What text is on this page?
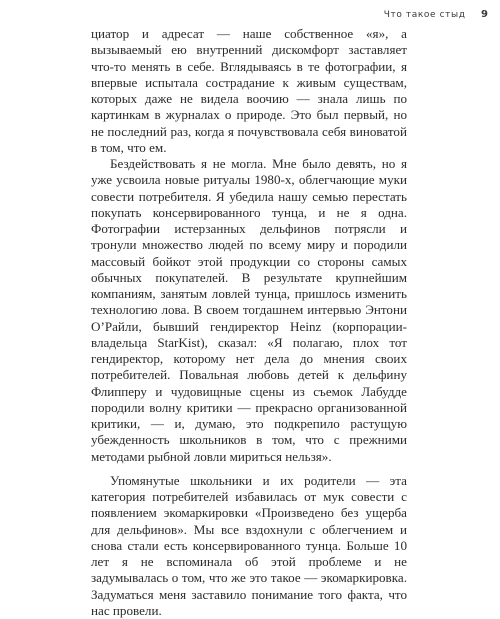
Что такое стыд 9

циатор и адресат — наше собственное «я», а вызываемый ею внутренний дискомфорт заставляет что-то менять в себе. Вглядываясь в те фотографии, я впервые испытала сострадание к живым существам, которых даже не видела воочию — знала лишь по картинкам в журналах о природе. Это был первый, но не последний раз, когда я почувствовала себя виноватой в том, что ем.

Бездействовать я не могла. Мне было девять, но я уже усвоила новые ритуалы 1980-х, облегчающие муки совести потребителя. Я убедила нашу семью перестать покупать консервированного тунца, и не я одна. Фотографии истерзанных дельфинов потрясли и тронули множество людей по всему миру и породили массовый бойкот этой продукции со стороны самых обычных покупателей. В результате крупнейшим компаниям, занятым ловлей тунца, пришлось изменить технологию лова. В своем тогдашнем интервью Энтони О’Райли, бывший гендиректор Heinz (корпорации-владельца StarKist), сказал: «Я полагаю, плох тот гендиректор, которому нет дела до мнения своих потребителей. Повальная любовь детей к дельфину Флипперу и чудовищные сцены из съемок Лабудде породили волну критики — прекрасно организованной критики, — и, думаю, это подкрепило растущую убежденность школьников в том, что с прежними методами рыбной ловли мириться нельзя».

Упомянутые школьники и их родители — эта категория потребителей избавилась от мук совести с появлением экомаркировки «Произведено без ущерба для дельфинов». Мы все вздохнули с облегчением и снова стали есть консервированного тунца. Больше 10 лет я не вспоминала об этой проблеме и не задумывалась о том, что же это такое — экомаркировка. Задуматься меня заставило понимание того факта, что нас провели.
